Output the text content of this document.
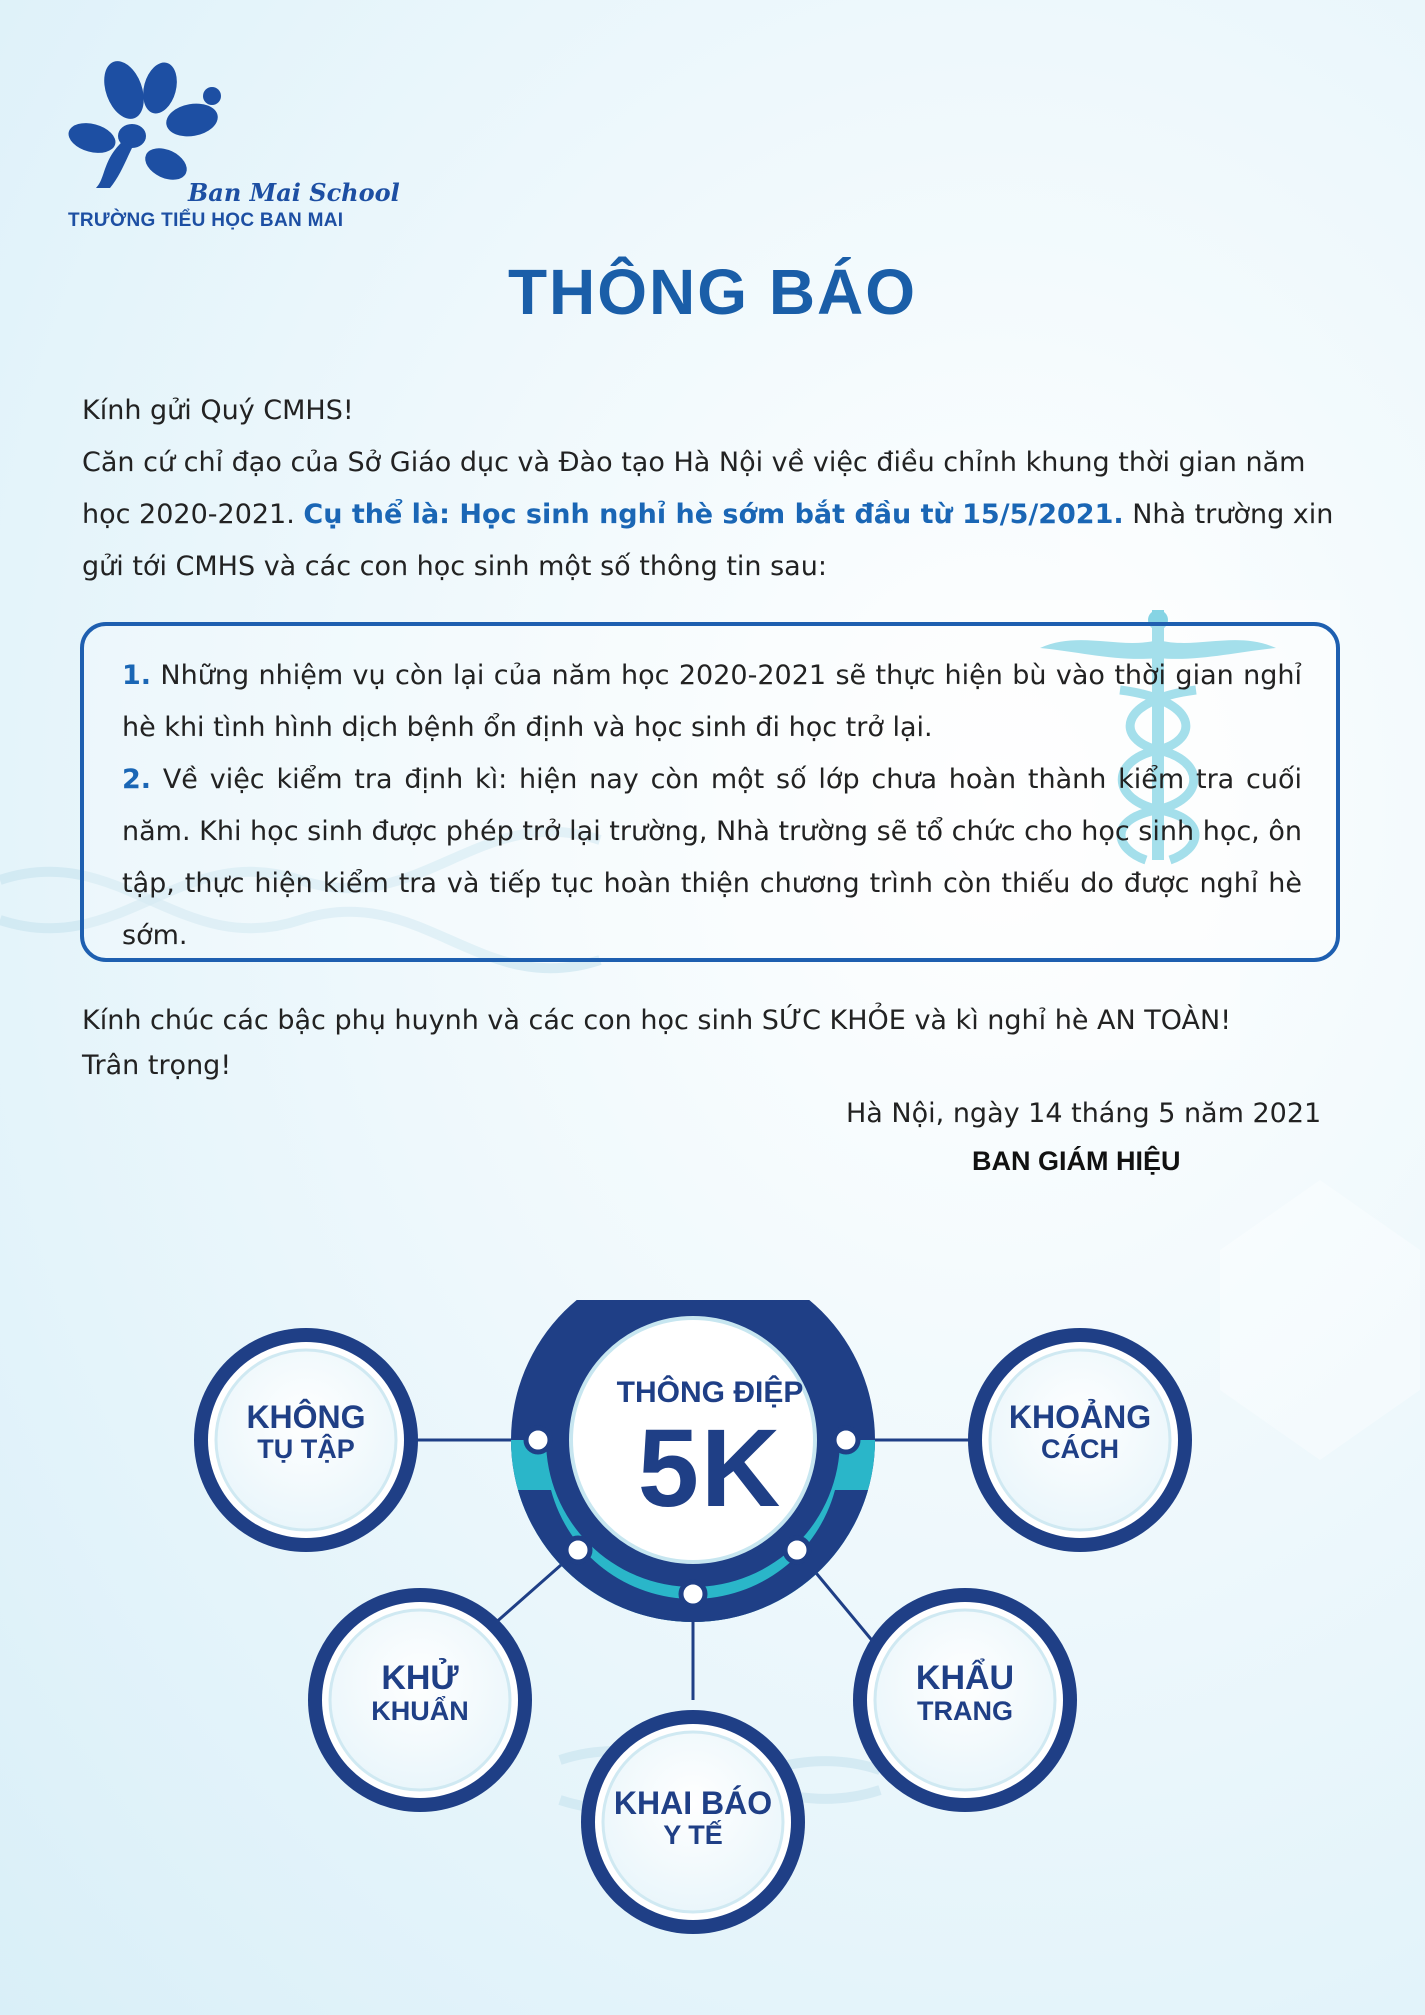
Ban Mai School
TRƯỜNG TIỂU HỌC BAN MAI
THÔNG BÁO
Kính gửi Quý CMHS!
Căn cứ chỉ đạo của Sở Giáo dục và Đào tạo Hà Nội về việc điều chỉnh khung thời gian năm học 2020-2021. Cụ thể là: Học sinh nghỉ hè sớm bắt đầu từ 15/5/2021. Nhà trường xin gửi tới CMHS và các con học sinh một số thông tin sau:
1. Những nhiệm vụ còn lại của năm học 2020-2021 sẽ thực hiện bù vào thời gian nghỉ hè khi tình hình dịch bệnh ổn định và học sinh đi học trở lại.
2. Về việc kiểm tra định kì: hiện nay còn một số lớp chưa hoàn thành kiểm tra cuối năm. Khi học sinh được phép trở lại trường, Nhà trường sẽ tổ chức cho học sinh học, ôn tập, thực hiện kiểm tra và tiếp tục hoàn thiện chương trình còn thiếu do được nghỉ hè sớm.
Kính chúc các bậc phụ huynh và các con học sinh SỨC KHỎE và kì nghỉ hè AN TOÀN!
Trân trọng!
Hà Nội, ngày 14 tháng 5 năm 2021
BAN GIÁM HIỆU
THÔNG ĐIỆP
5K
KHÔNG
TỤ TẬP
KHOẢNG
CÁCH
KHỬ
KHUẨN
KHAI BÁO
Y TẾ
KHẨU
TRANG
